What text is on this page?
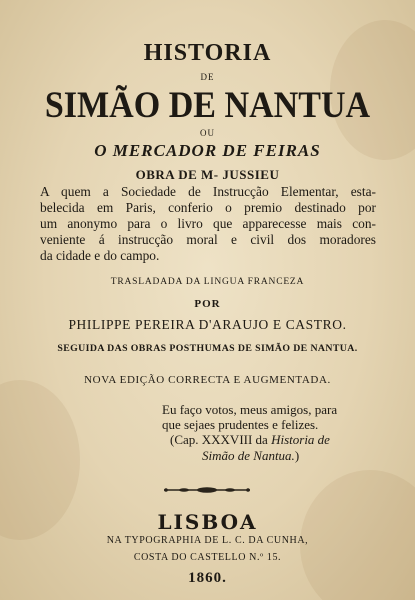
HISTORIA
DE
SIMÃO DE NANTUA
OU
O MERCADOR DE FEIRAS
OBRA DE M- JUSSIEU
A quem a Sociedade de Instrucção Elementar, esta-
belecida em Paris, conferio o premio destinado por
um anonymo para o livro que apparecesse mais con-
veniente á instrucção moral e civil dos moradores
da cidade e do campo.
TRASLADADA DA LINGUA FRANCEZA
POR
PHILIPPE PEREIRA D'ARAUJO E CASTRO.
SEGUIDA DAS OBRAS POSTHUMAS DE SIMÃO DE NANTUA.
NOVA EDIÇÃO CORRECTA E AUGMENTADA.
Eu faço votos, meus amigos, para
que sejaes prudentes e felizes.
(Cap. XXXVIII da Historia de
Simão de Nantua.)
LISBOA
NA TYPOGRAPHIA DE L. C. DA CUNHA,
COSTA DO CASTELLO N.º 15.
1860.
